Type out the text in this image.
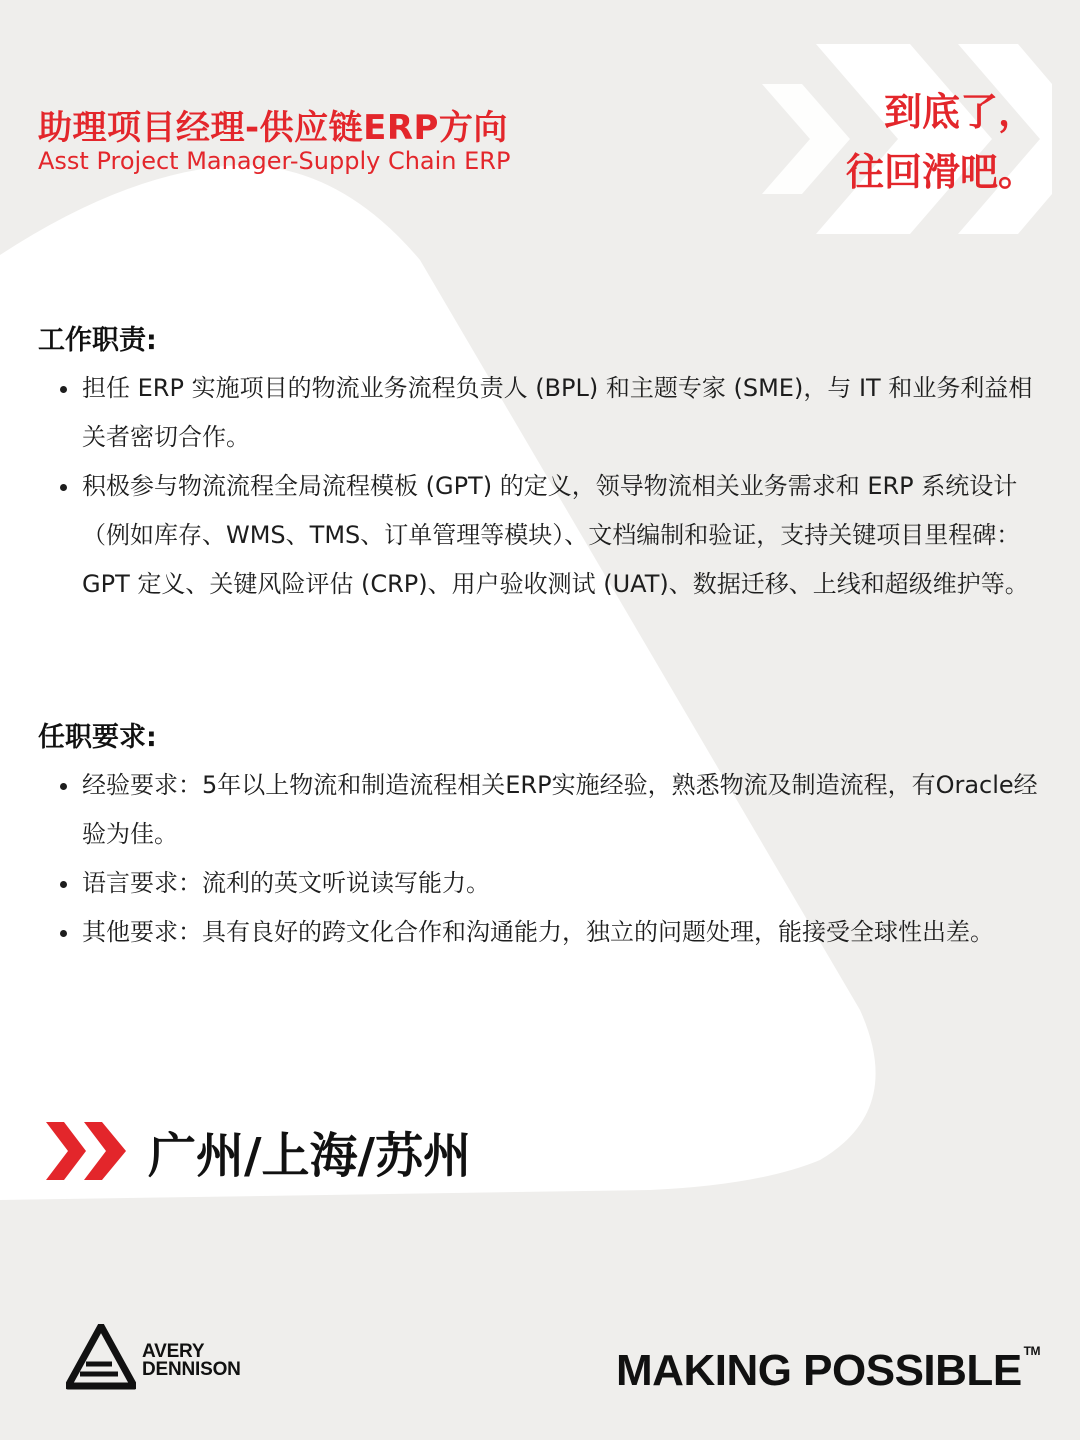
助理项目经理-供应链ERP方向
Asst Project Manager-Supply Chain ERP
到底了，
往回滑吧。
工作职责:
担任 ERP 实施项目的物流业务流程负责人 (BPL) 和主题专家 (SME)，与 IT 和业务利益相关者密切合作。
积极参与物流流程全局流程模板 (GPT) 的定义，领导物流相关业务需求和 ERP 系统设计（例如库存、WMS、TMS、订单管理等模块）、文档编制和验证，支持关键项目里程碑：GPT 定义、关键风险评估 (CRP)、用户验收测试 (UAT)、数据迁移、上线和超级维护等。
任职要求:
经验要求：5年以上物流和制造流程相关ERP实施经验，熟悉物流及制造流程，有Oracle经验为佳。
语言要求：流利的英文听说读写能力。
其他要求：具有良好的跨文化合作和沟通能力，独立的问题处理，能接受全球性出差。
广州/上海/苏州
AVERY
DENNISON	MAKING POSSIBLE ™
